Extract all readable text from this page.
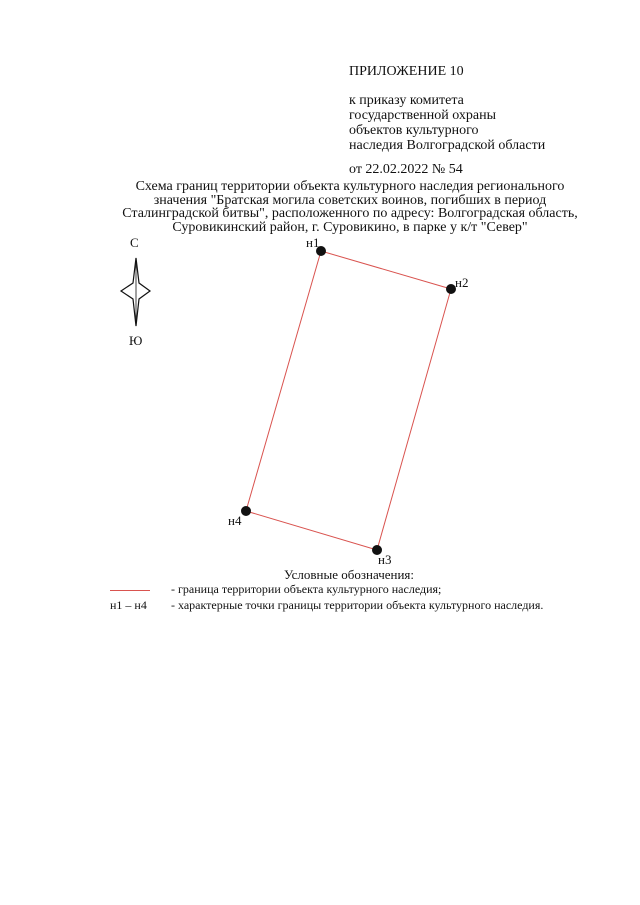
ПРИЛОЖЕНИЕ 10
к приказу комитета
государственной охраны
объектов культурного
наследия Волгоградской области
от 22.02.2022 № 54
Схема границ территории объекта культурного наследия регионального
значения "Братская могила советских воинов, погибших в период
Сталинградской битвы", расположенного по адресу: Волгоградская область,
Суровикинский район, г. Суровикино, в парке у к/т "Север"
С
Ю
н1
н2
н3
н4
Условные обозначения:
- граница территории объекта культурного наследия;
н1 – н4 - характерные точки границы территории объекта культурного наследия.
